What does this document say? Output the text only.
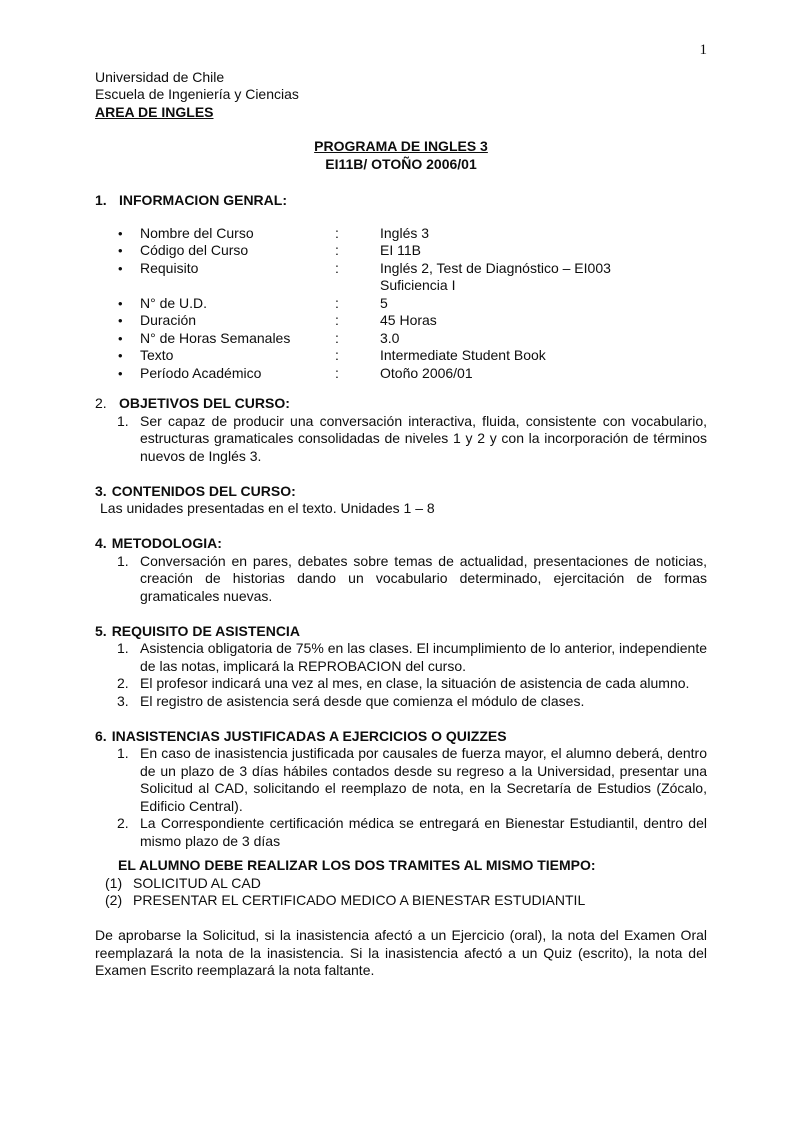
1
Universidad de Chile
Escuela de Ingeniería y Ciencias
AREA DE INGLES
PROGRAMA DE INGLES 3
EI11B/ OTOÑO 2006/01
1. INFORMACION GENRAL:
•	Nombre del Curso	:	Inglés 3
•	Código del Curso	:	EI 11B
•	Requisito	:	Inglés 2, Test de Diagnóstico – EI003
Suficiencia I
•	N° de U.D.	:	5
•	Duración	:	45 Horas
•	N° de Horas Semanales	:	3.0
•	Texto	:	Intermediate Student Book
•	Período Académico	:	Otoño 2006/01
2. OBJETIVOS DEL CURSO:
1. Ser capaz de producir una conversación interactiva, fluida, consistente con vocabulario, estructuras gramaticales consolidadas de niveles 1 y 2 y con la incorporación de términos nuevos de Inglés 3.
3. CONTENIDOS DEL CURSO:
Las unidades presentadas en el texto. Unidades 1 – 8
4. METODOLOGIA:
1. Conversación en pares, debates sobre temas de actualidad, presentaciones de noticias, creación de historias dando un vocabulario determinado, ejercitación de formas gramaticales nuevas.
5. REQUISITO DE ASISTENCIA
1. Asistencia obligatoria de 75% en las clases. El incumplimiento de lo anterior, independiente de las notas, implicará la REPROBACION del curso.
2. El profesor indicará una vez al mes, en clase, la situación de asistencia de cada alumno.
3. El registro de asistencia será desde que comienza el módulo de clases.
6. INASISTENCIAS JUSTIFICADAS A EJERCICIOS O QUIZZES
1. En caso de inasistencia justificada por causales de fuerza mayor, el alumno deberá, dentro de un plazo de 3 días hábiles contados desde su regreso a la Universidad, presentar una Solicitud al CAD, solicitando el reemplazo de nota, en la Secretaría de Estudios (Zócalo, Edificio Central).
2. La Correspondiente certificación médica se entregará en Bienestar Estudiantil, dentro del mismo plazo de 3 días
EL ALUMNO DEBE REALIZAR LOS DOS TRAMITES AL MISMO TIEMPO:
(1) SOLICITUD AL CAD
(2) PRESENTAR EL CERTIFICADO MEDICO A BIENESTAR ESTUDIANTIL
De aprobarse la Solicitud, si la inasistencia afectó a un Ejercicio (oral), la nota del Examen Oral reemplazará la nota de la inasistencia. Si la inasistencia afectó a un Quiz (escrito), la nota del Examen Escrito reemplazará la nota faltante.
